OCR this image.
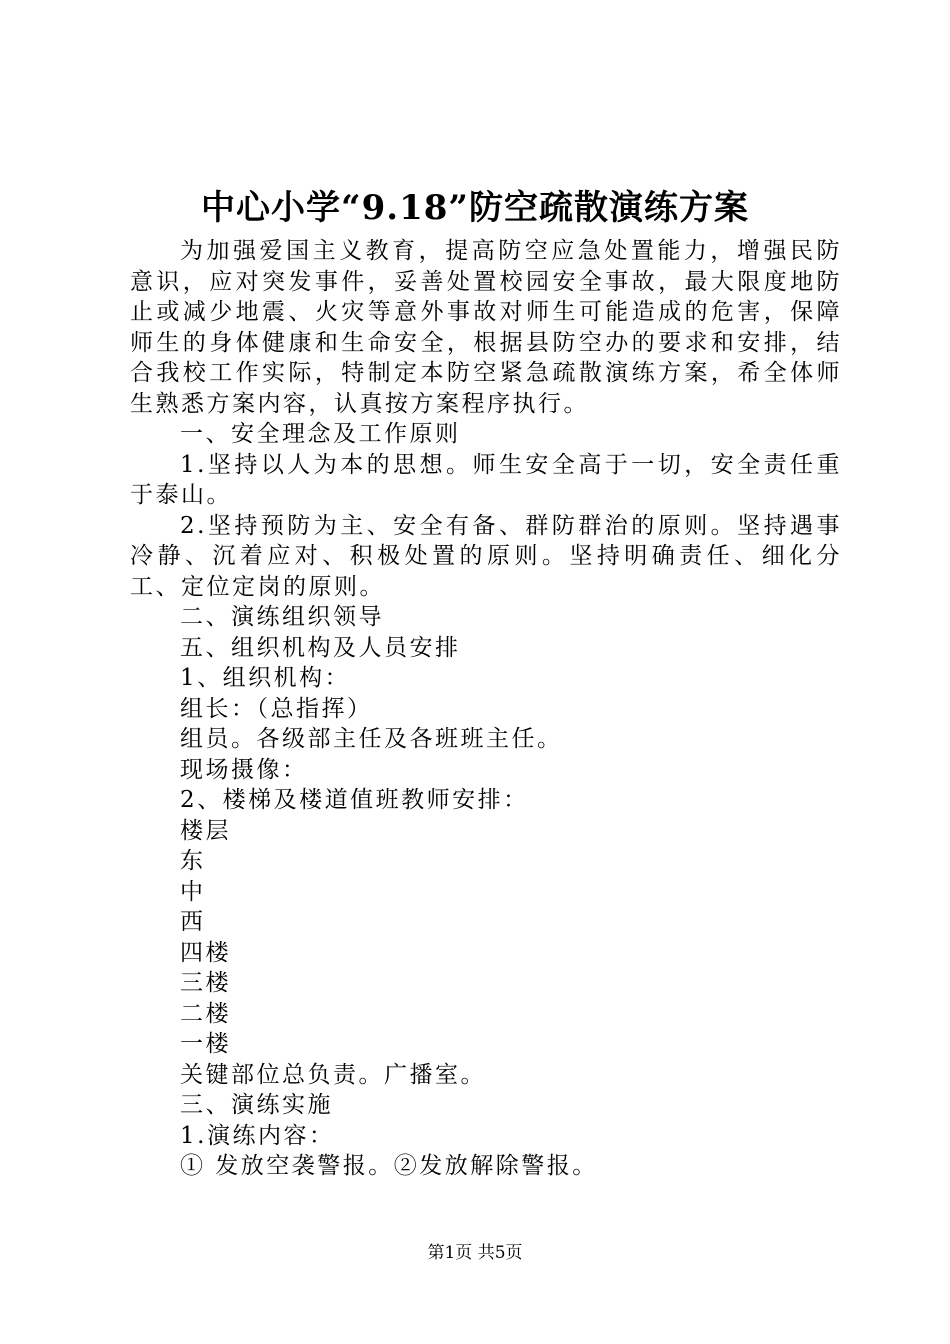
中心小学“9.18”防空疏散演练方案

为加强爱国主义教育，提高防空应急处置能力，增强民防意识，应对突发事件，妥善处置校园安全事故，最大限度地防止或减少地震、火灾等意外事故对师生可能造成的危害，保障师生的身体健康和生命安全，根据县防空办的要求和安排，结合我校工作实际，特制定本防空紧急疏散演练方案，希全体师生熟悉方案内容，认真按方案程序执行。

一、安全理念及工作原则

1.坚持以人为本的思想。师生安全高于一切，安全责任重于泰山。

2.坚持预防为主、安全有备、群防群治的原则。坚持遇事冷静、沉着应对、积极处置的原则。坚持明确责任、细化分工、定位定岗的原则。

二、演练组织领导

五、组织机构及人员安排

1、组织机构：

组长：（总指挥）

组员。各级部主任及各班班主任。

现场摄像：

2、楼梯及楼道值班教师安排：

楼层

东

中

西

四楼

三楼

二楼

一楼

关键部位总负责。广播室。

三、演练实施

1.演练内容：

① 发放空袭警报。②发放解除警报。

第1页 共5页
